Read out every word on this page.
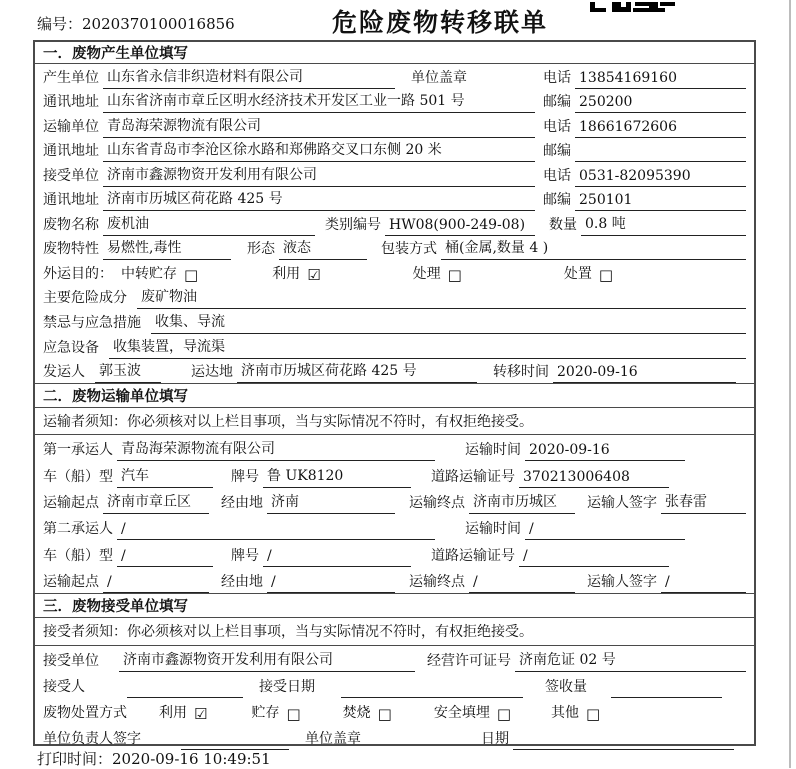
编号：2020370100016856	危险废物转移联单
一．废物产生单位填写
产生单位 山东省永信非织造材料有限公司	单位盖章	电话 13854169160
通讯地址 山东省济南市章丘区明水经济技术开发区工业一路 501 号	邮编 250200
运输单位 青岛海荣源物流有限公司	电话 18661672606
通讯地址 山东省青岛市李沧区徐水路和郑佛路交叉口东侧 20 米	邮编
接受单位 济南市鑫源物资开发利用有限公司	电话 0531-82095390
通讯地址 济南市历城区荷花路 425 号	邮编 250101
废物名称 废机油	类别编号 HW08(900-249-08)	数量 0.8 吨
废物特性 易燃性,毒性	形态 液态	包装方式 桶(金属,数量 4 )
外运目的： 中转贮存 □	利用 ☑	处理 □	处置 □
主要危险成分 废矿物油
禁忌与应急措施 收集、导流
应急设备 收集装置，导流渠
发运人 郭玉波	运达地 济南市历城区荷花路 425 号	转移时间 2020-09-16
二．废物运输单位填写
运输者须知：你必须核对以上栏目事项，当与实际情况不符时，有权拒绝接受。
第一承运人 青岛海荣源物流有限公司	运输时间 2020-09-16
车（船）型 汽车	牌号 鲁 UK8120	道路运输证号 370213006408
运输起点 济南市章丘区	经由地 济南	运输终点 济南市历城区	运输人签字 张春雷
第二承运人 /	运输时间 /
车（船）型 /	牌号 /	道路运输证号 /
运输起点 /	经由地 /	运输终点 /	运输人签字 /
三．废物接受单位填写
接受者须知：你必须核对以上栏目事项，当与实际情况不符时，有权拒绝接受。
接受单位 济南市鑫源物资开发利用有限公司	经营许可证号 济南危证 02 号
接受人	接受日期	签收量
废物处置方式 利用 ☑	贮存 □	焚烧 □	安全填埋 □	其他 □
单位负责人签字	单位盖章	日期
打印时间：2020-09-16 10:49:51
